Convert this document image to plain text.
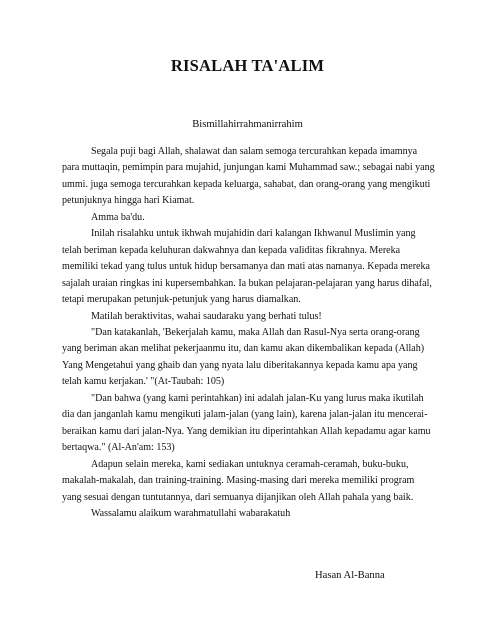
RISALAH TA'ALIM

Bismillahirrahmanirrahim

Segala puji bagi Allah, shalawat dan salam semoga tercurahkan kepada imamnya para muttaqin, pemimpin para mujahid, junjungan kami Muhammad saw.; sebagai nabi yang ummi. juga semoga tercurahkan kepada keluarga, sahabat, dan orang-orang yang mengikuti petunjuknya hingga hari Kiamat.

Amma ba'du.

Inilah risalahku untuk ikhwah mujahidin dari kalangan Ikhwanul Muslimin yang telah beriman kepada keluhuran dakwahnya dan kepada validitas fikrahnya. Mereka memiliki tekad yang tulus untuk hidup bersamanya dan mati atas namanya. Kepada mereka sajalah uraian ringkas ini kupersembahkan. Ia bukan pelajaran-pelajaran yang harus dihafal, tetapi merupakan petunjuk-petunjuk yang harus diamalkan.

Matilah beraktivitas, wahai saudaraku yang berhati tulus!

"Dan katakanlah, 'Bekerjalah kamu, maka Allah dan Rasul-Nya serta orang-orang yang beriman akan melihat pekerjaanmu itu, dan kamu akan dikembalikan kepada (Allah) Yang Mengetahui yang ghaib dan yang nyata lalu diberitakannya kepada kamu apa yang telah kamu kerjakan.' "(At-Taubah: 105)

"Dan bahwa (yang kami perintahkan) ini adalah jalan-Ku yang lurus maka ikutilah dia dan janganlah kamu mengikuti jalam-jalan (yang lain), karena jalan-jalan itu mencerai-beraikan kamu dari jalan-Nya. Yang demikian itu diperintahkan Allah kepadamu agar kamu bertaqwa." (Al-An'am: 153)

Adapun selain mereka, kami sediakan untuknya ceramah-ceramah, buku-buku, makalah-makalah, dan training-training. Masing-masing dari mereka memiliki program yang sesuai dengan tuntutannya, dari semuanya dijanjikan oleh Allah pahala yang baik.

Wassalamu alaikum warahmatullahi wabarakatuh

Hasan Al-Banna
